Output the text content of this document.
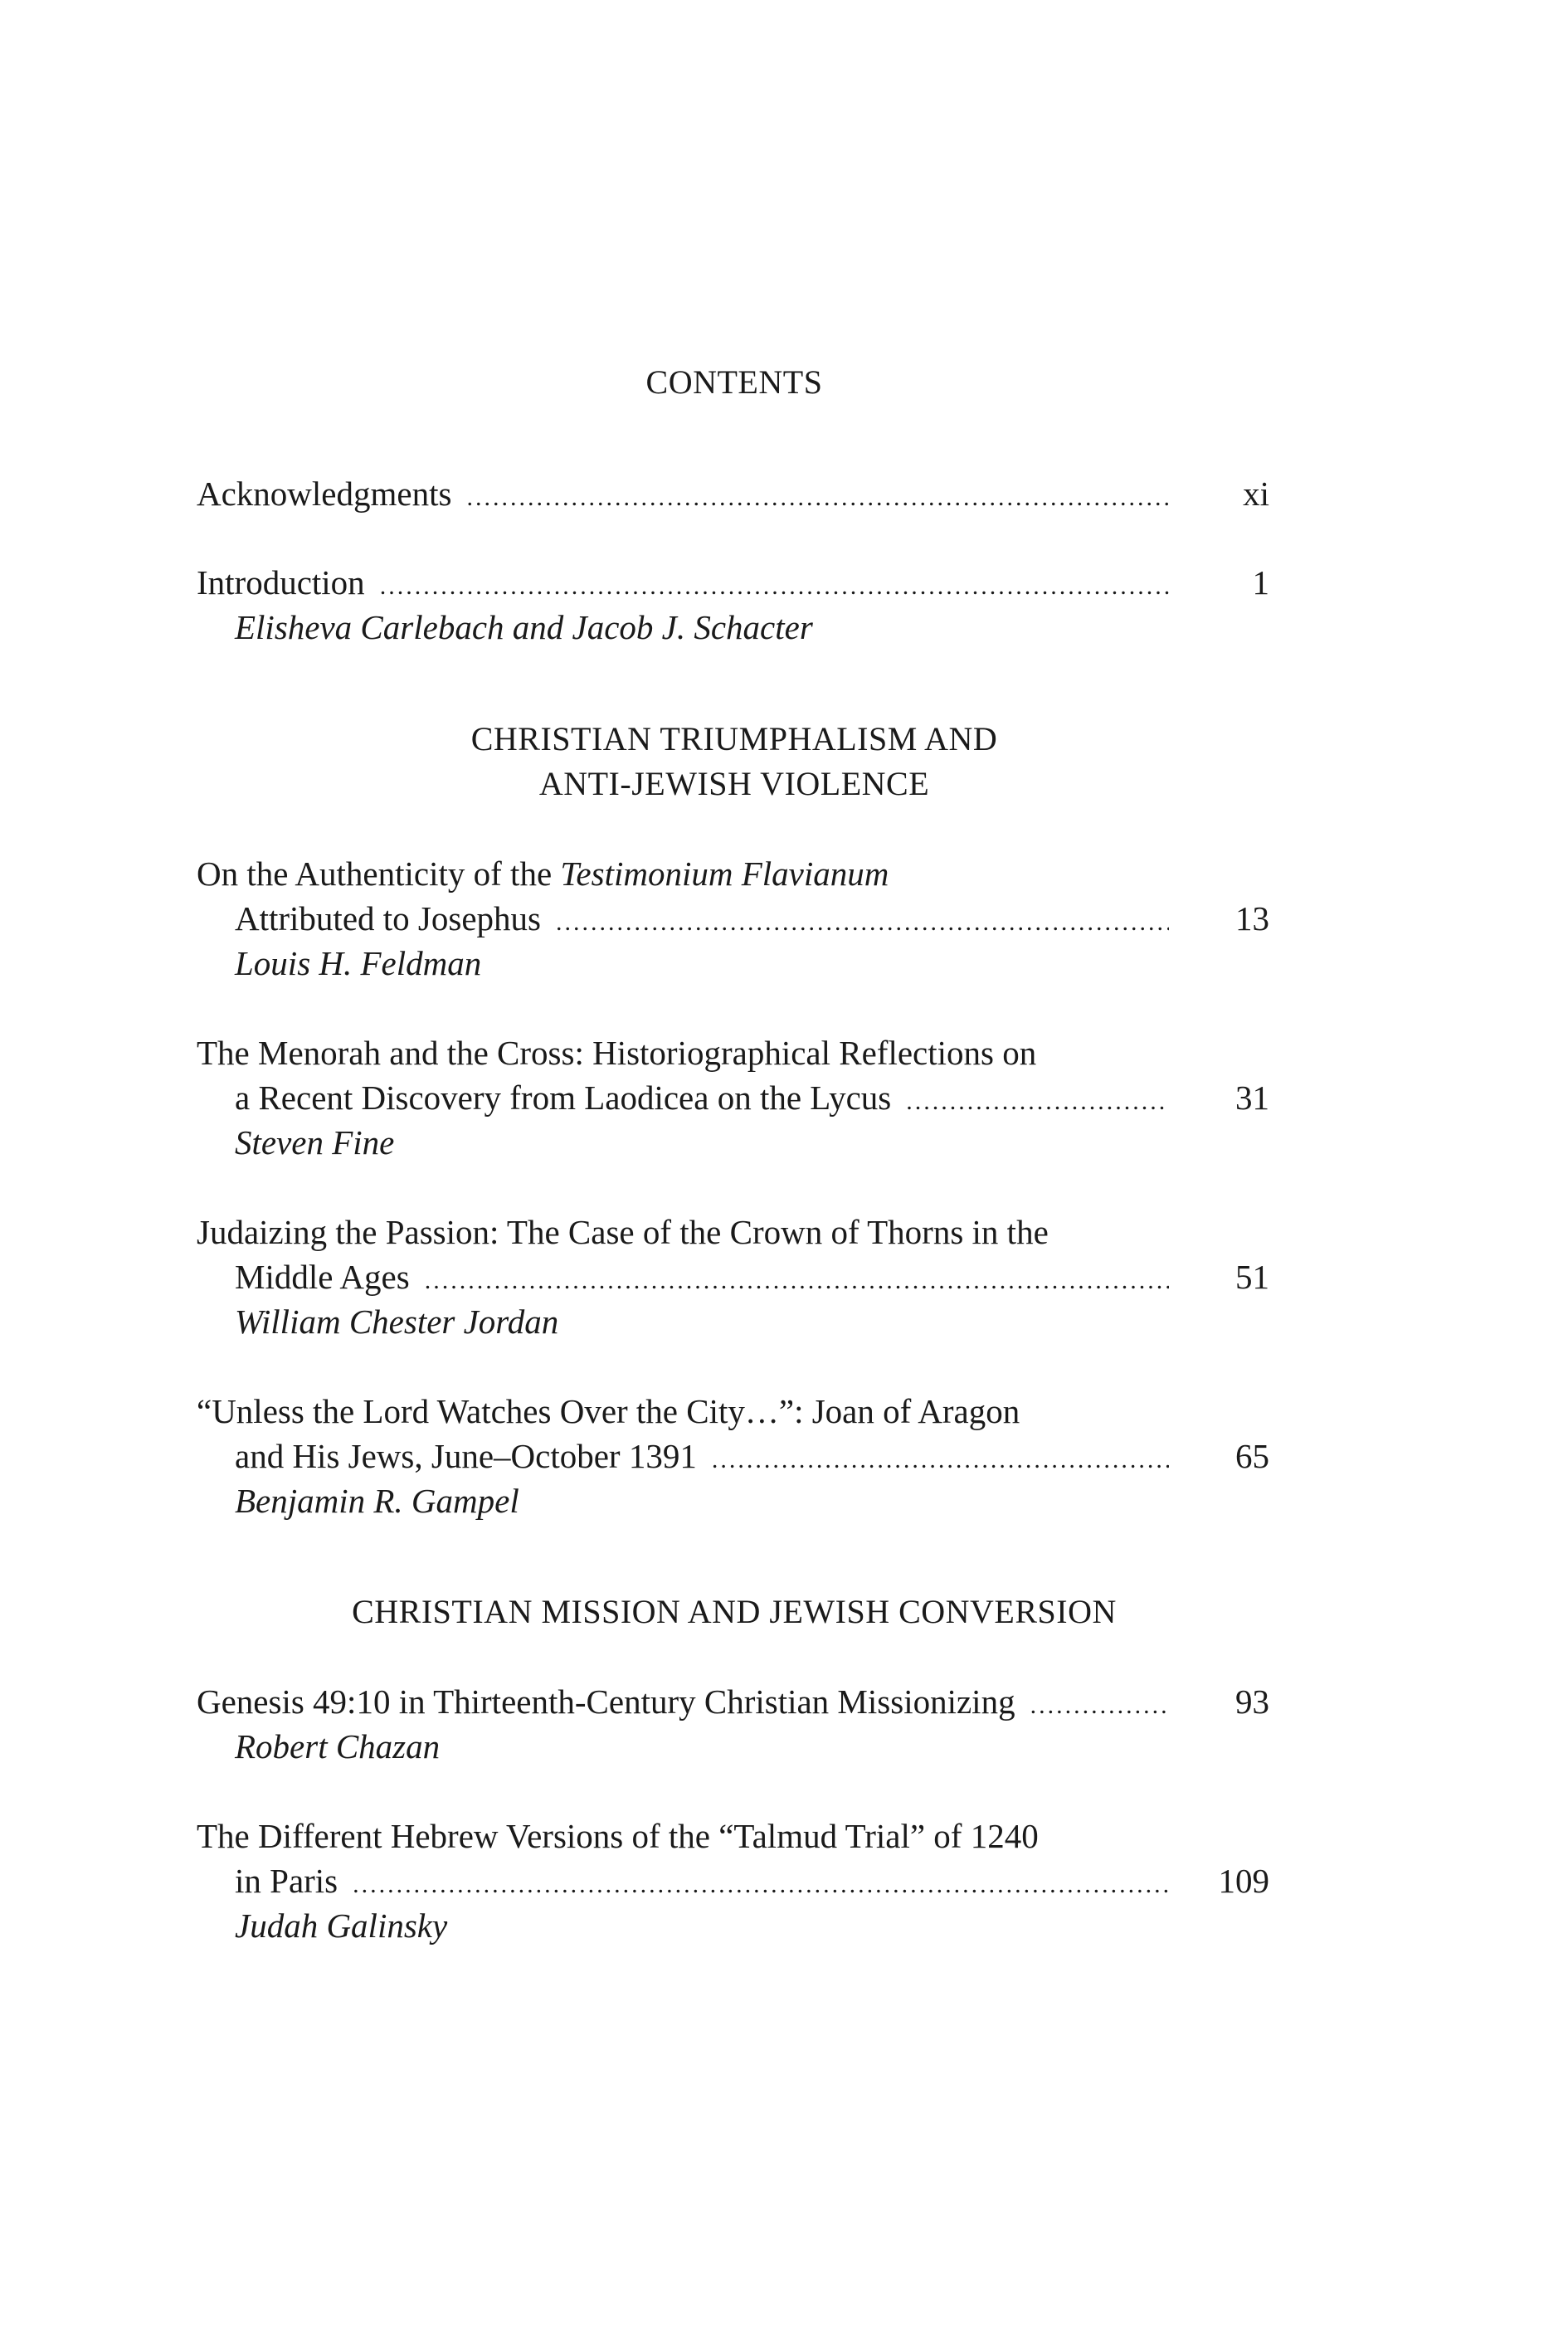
CONTENTS
Acknowledgments .....	xi
Introduction .....	1
Elisheva Carlebach and Jacob J. Schacter
CHRISTIAN TRIUMPHALISM AND
ANTI-JEWISH VIOLENCE
On the Authenticity of the Testimonium Flavianum
Attributed to Josephus .....	13
Louis H. Feldman
The Menorah and the Cross: Historiographical Reflections on
a Recent Discovery from Laodicea on the Lycus .....	31
Steven Fine
Judaizing the Passion: The Case of the Crown of Thorns in the
Middle Ages .....	51
William Chester Jordan
“Unless the Lord Watches Over the City…”: Joan of Aragon
and His Jews, June–October 1391 .....	65
Benjamin R. Gampel
CHRISTIAN MISSION AND JEWISH CONVERSION
Genesis 49:10 in Thirteenth-Century Christian Missionizing .....	93
Robert Chazan
The Different Hebrew Versions of the “Talmud Trial” of 1240
in Paris .....	109
Judah Galinsky
